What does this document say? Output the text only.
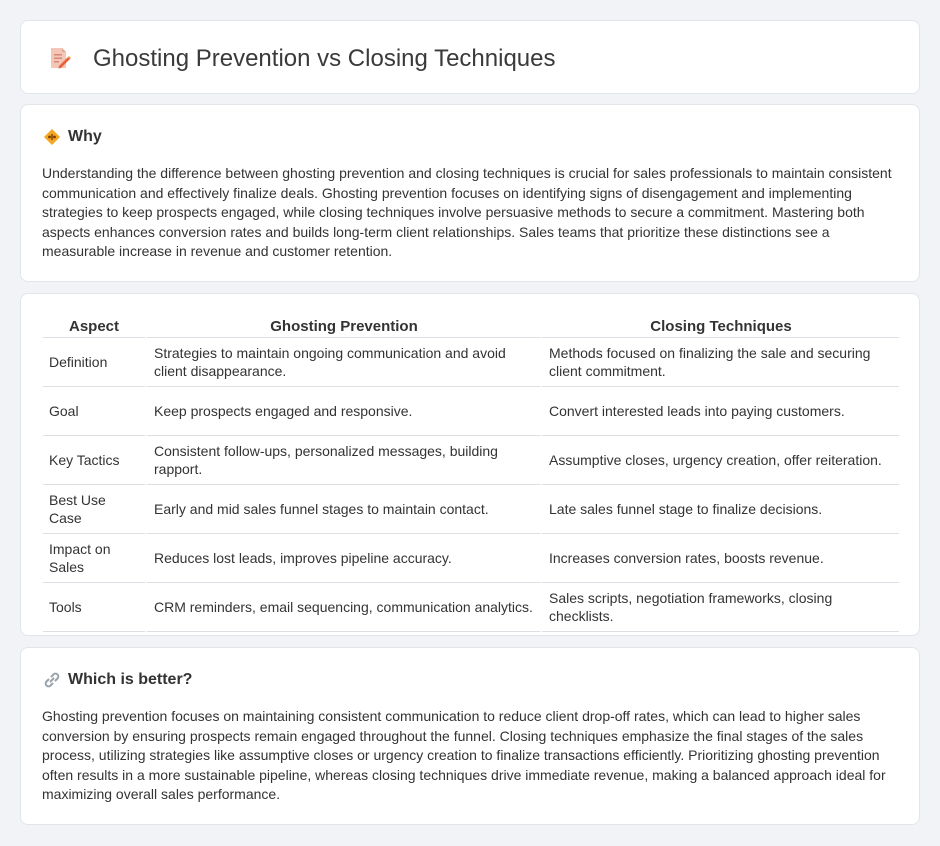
Ghosting Prevention vs Closing Techniques
Why

Understanding the difference between ghosting prevention and closing techniques is crucial for sales professionals to maintain consistent communication and effectively finalize deals. Ghosting prevention focuses on identifying signs of disengagement and implementing strategies to keep prospects engaged, while closing techniques involve persuasive methods to secure a commitment. Mastering both aspects enhances conversion rates and builds long-term client relationships. Sales teams that prioritize these distinctions see a measurable increase in revenue and customer retention.

Aspect	Ghosting Prevention	Closing Techniques
Definition	Strategies to maintain ongoing communication and avoid client disappearance.	Methods focused on finalizing the sale and securing client commitment.
Goal	Keep prospects engaged and responsive.	Convert interested leads into paying customers.
Key Tactics	Consistent follow-ups, personalized messages, building rapport.	Assumptive closes, urgency creation, offer reiteration.
Best Use Case	Early and mid sales funnel stages to maintain contact.	Late sales funnel stage to finalize decisions.
Impact on Sales	Reduces lost leads, improves pipeline accuracy.	Increases conversion rates, boosts revenue.
Tools	CRM reminders, email sequencing, communication analytics.	Sales scripts, negotiation frameworks, closing checklists.
Which is better?

Ghosting prevention focuses on maintaining consistent communication to reduce client drop-off rates, which can lead to higher sales conversion by ensuring prospects remain engaged throughout the funnel. Closing techniques emphasize the final stages of the sales process, utilizing strategies like assumptive closes or urgency creation to finalize transactions efficiently. Prioritizing ghosting prevention often results in a more sustainable pipeline, whereas closing techniques drive immediate revenue, making a balanced approach ideal for maximizing overall sales performance.
